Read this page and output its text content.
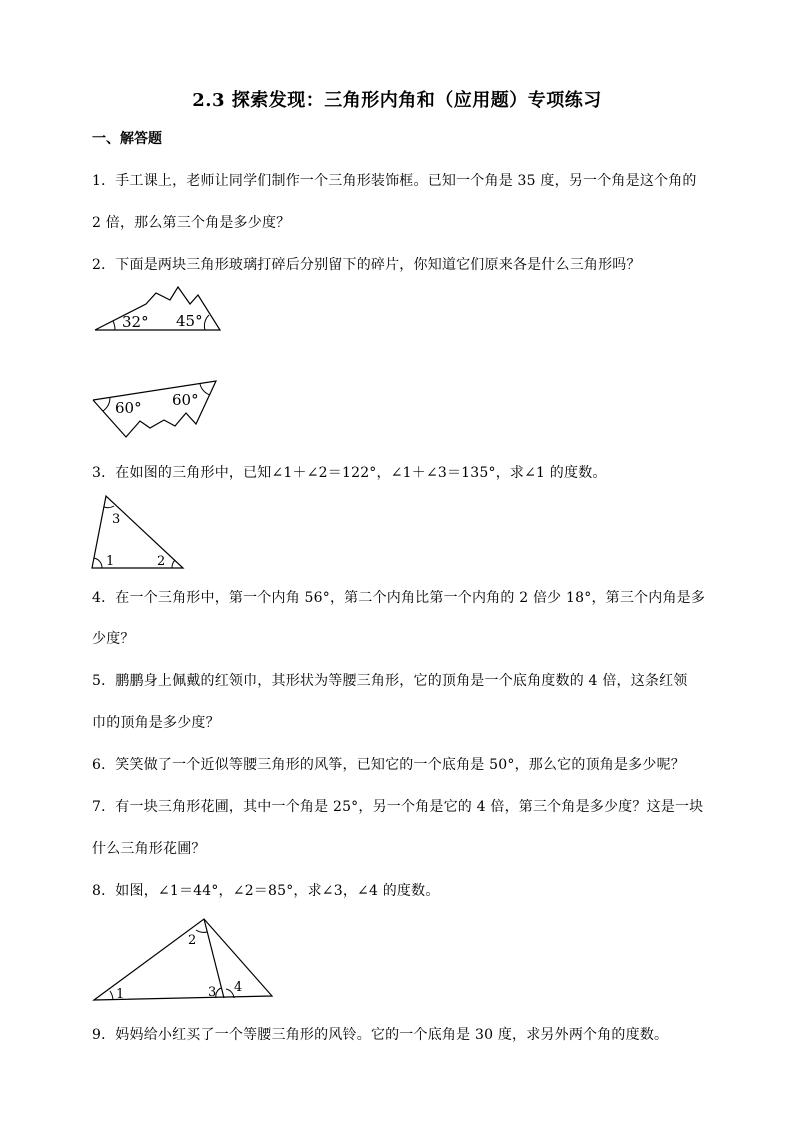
2.3 探索发现：三角形内角和（应用题）专项练习
一、解答题
1．手工课上，老师让同学们制作一个三角形装饰框。已知一个角是 35 度，另一个角是这个角的
2 倍，那么第三个角是多少度？
2．下面是两块三角形玻璃打碎后分别留下的碎片，你知道它们原来各是什么三角形吗？
32° 45°
60° 60°
3．在如图的三角形中，已知∠1＋∠2＝122°，∠1＋∠3＝135°，求∠1 的度数。
3
1	2
4．在一个三角形中，第一个内角 56°，第二个内角比第一个内角的 2 倍少 18°，第三个内角是多
少度？
5．鹏鹏身上佩戴的红领巾，其形状为等腰三角形，它的顶角是一个底角度数的 4 倍，这条红领
巾的顶角是多少度？
6．笑笑做了一个近似等腰三角形的风筝，已知它的一个底角是 50°，那么它的顶角是多少呢？
7．有一块三角形花圃，其中一个角是 25°，另一个角是它的 4 倍，第三个角是多少度？这是一块
什么三角形花圃？
8．如图，∠1＝44°，∠2＝85°，求∠3，∠4 的度数。
1
2
3 4
9．妈妈给小红买了一个等腰三角形的风铃。它的一个底角是 30 度，求另外两个角的度数。
